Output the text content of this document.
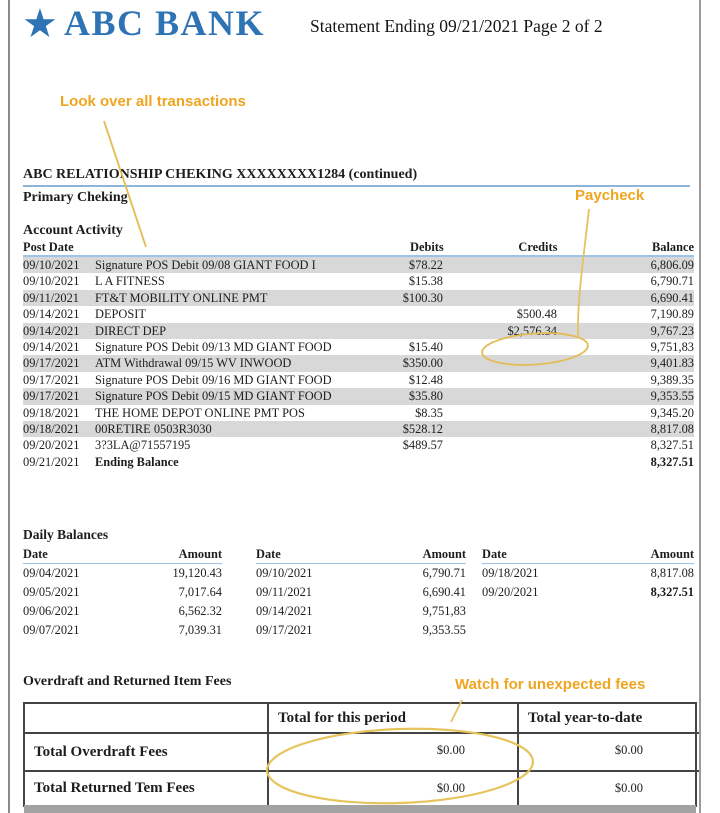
★ ABC BANK	Statement Ending 09/21/2021 Page 2 of 2
Look over all transactions
Paycheck
Watch for unexpected fees
ABC RELATIONSHIP CHEKING XXXXXXXX1284 (continued)
Primary Cheking
Account Activity
Post Date	Debits	Credits	Balance
09/10/2021	Signature POS Debit 09/08 GIANT FOOD I	$78.22	6,806.09
09/10/2021	L A FITNESS	$15.38	6,790.71
09/11/2021	FT&T MOBILITY ONLINE PMT	$100.30	6,690.41
09/14/2021	DEPOSIT	$500.48	7,190.89
09/14/2021	DIRECT DEP	$2,576.34	9,767.23
09/14/2021	Signature POS Debit 09/13 MD GIANT FOOD	$15.40	9,751,83
09/17/2021	ATM Withdrawal 09/15 WV INWOOD	$350.00	9,401.83
09/17/2021	Signature POS Debit 09/16 MD GIANT FOOD	$12.48	9,389.35
09/17/2021	Signature POS Debit 09/15 MD GIANT FOOD	$35.80	9,353.55
09/18/2021	THE HOME DEPOT ONLINE PMT POS	$8.35	9,345.20
09/18/2021	00RETIRE 0503R3030	$528.12	8,817.08
09/20/2021	3?3LA@71557195	$489.57	8,327.51
09/21/2021	Ending Balance	8,327.51
Daily Balances
Date	Amount
09/04/2021	19,120.43
09/05/2021	7,017.64
09/06/2021	6,562.32
09/07/2021	7,039.31
Date	Amount
09/10/2021	6,790.71
09/11/2021	6,690.41
09/14/2021	9,751,83
09/17/2021	9,353.55
Date	Amount
09/18/2021	8,817.08
09/20/2021	8,327.51
Overdraft and Returned Item Fees
Total for this period	Total year-to-date
Total Overdraft Fees	$0.00	$0.00
Total Returned Tem Fees	$0.00	$0.00
